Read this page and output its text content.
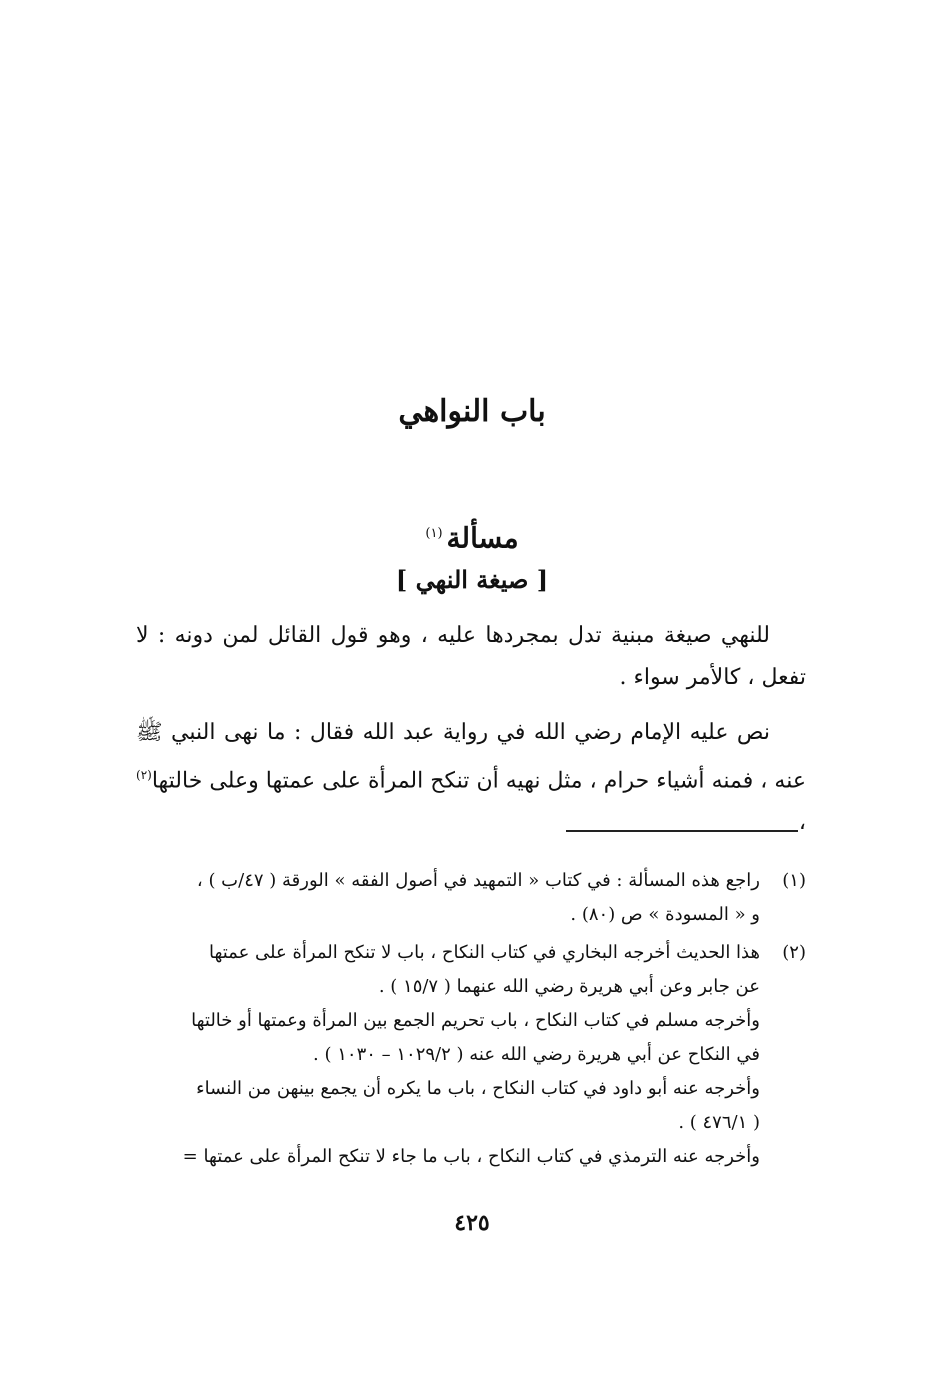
باب النواهي
مسألة$^{(١)}$
[ صيغة النهي ]

للنهي صيغة مبنية تدل بمجردها عليه ، وهو قول القائل لمن دونه : لا تفعل ، كالأمر سواء .

نص عليه الإمام رضي الله في رواية عبد الله فقال : ما نهى النبي ﷺ عنه ، فمنه أشياء حرام ، مثل نهيه أن تنكح المرأة على عمتها وعلى خالتها$^{(٢)}$ ،

(١)
راجع هذه المسألة : في كتاب « التمهيد في أصول الفقه » الورقة ( ٤٧/ب ) ،
و « المسودة » ص (٨٠) .
(٢)
هذا الحديث أخرجه البخاري في كتاب النكاح ، باب لا تنكح المرأة على عمتها
عن جابر وعن أبي هريرة رضي الله عنهما ( ١٥/٧ ) .
وأخرجه مسلم في كتاب النكاح ، باب تحريم الجمع بين المرأة وعمتها أو خالتها
في النكاح عن أبي هريرة رضي الله عنه ( ١٠٢٩/٢ – ١٠٣٠ ) .
وأخرجه عنه أبو داود في كتاب النكاح ، باب ما يكره أن يجمع بينهن من النساء
( ٤٧٦/١ ) .
وأخرجه عنه الترمذي في كتاب النكاح ، باب ما جاء لا تنكح المرأة على عمتها =
٤٢٥
